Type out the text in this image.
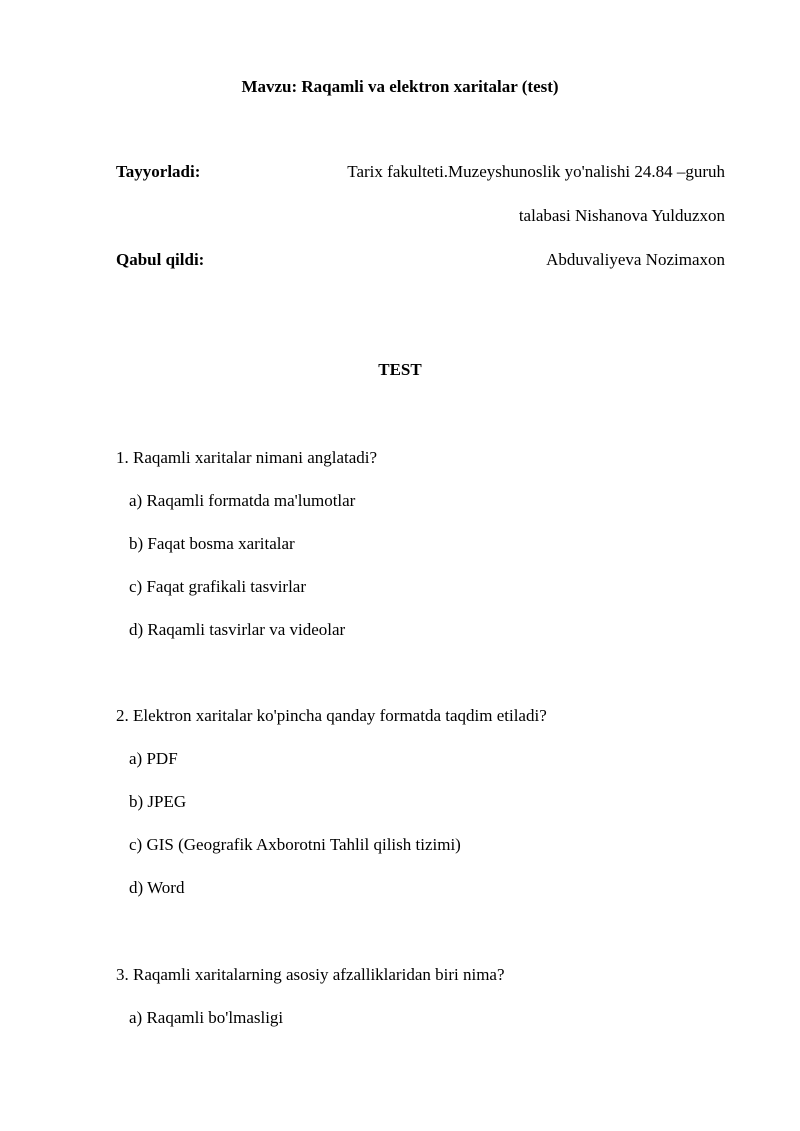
Mavzu: Raqamli va elektron xaritalar (test)
Tayyorladi:	Tarix fakulteti.Muzeyshunoslik yo'nalishi 24.84 –guruh
talabasi Nishanova Yulduzxon
Qabul qildi:	Abduvaliyeva Nozimaxon
TEST
1. Raqamli xaritalar nimani anglatadi?
a) Raqamli formatda ma'lumotlar
b) Faqat bosma xaritalar
c) Faqat grafikali tasvirlar
d) Raqamli tasvirlar va videolar
2. Elektron xaritalar ko'pincha qanday formatda taqdim etiladi?
a) PDF
b) JPEG
c) GIS (Geografik Axborotni Tahlil qilish tizimi)
d) Word
3. Raqamli xaritalarning asosiy afzalliklaridan biri nima?
a) Raqamli bo'lmasligi
